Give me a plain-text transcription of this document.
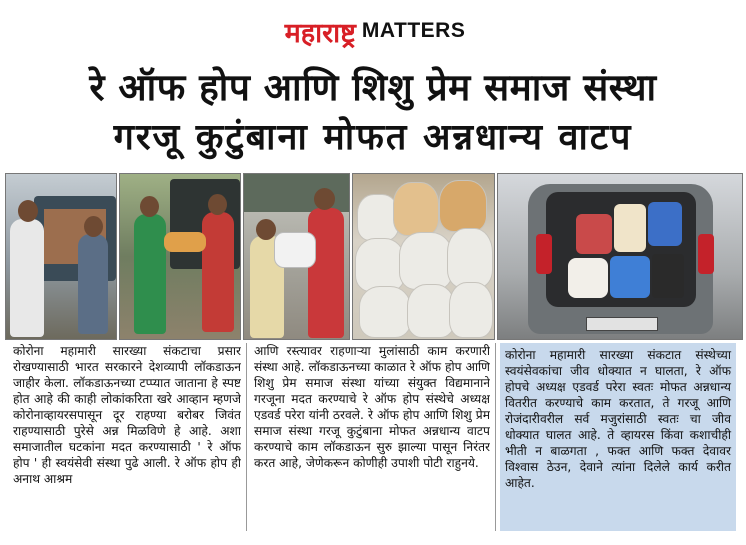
महाराष्ट्र MATTERS
रे ऑफ होप आणि शिशु प्रेम समाज संस्था
गरजू कुटुंबाना मोफत अन्नधान्य वाटप
कोरोना महामारी सारख्या संकटाचा प्रसार रोखण्यासाठी भारत सरकारने देशव्यापी लॉकडाऊन जाहीर केला. लॉकडाऊनच्या टप्प्यात जाताना हे स्पष्ट होत आहे की काही लोकांकरिता खरे आव्हान म्हणजे कोरोनाव्हायरसपासून दूर राहण्या बरोबर जिवंत राहण्यासाठी पुरेसे अन्न मिळविणे हे आहे. अशा समाजातील घटकांना मदत करण्यासाठी ' रे ऑफ होप ' ही स्वयंसेवी संस्था पुढे आली. रे ऑफ होप ही अनाथ आश्रम
आणि रस्त्यावर राहणाऱ्या मुलांसाठी काम करणारी संस्था आहे. लॉकडाऊनच्या काळात रे ऑफ होप आणि शिशु प्रेम समाज संस्था यांच्या संयुक्त विद्यमानाने गरजूना मदत करण्याचे रे ऑफ होप संस्थेचे अध्यक्ष एडवर्ड परेरा यांनी ठरवले. रे ऑफ होप आणि शिशु प्रेम समाज संस्था गरजू कुटुंबाना मोफत अन्नधान्य वाटप करण्याचे काम लॉकडाऊन सुरु झाल्या पासून निरंतर करत आहे, जेणेकरून कोणीही उपाशी पोटी राहुनये.
कोरोना महामारी सारख्या संकटात संस्थेच्या स्वयंसेवकांचा जीव धोक्यात न घालता, रे ऑफ होपचे अध्यक्ष एडवर्ड परेरा स्वतः मोफत अन्नधान्य वितरीत करण्याचे काम करतात, ते गरजू आणि रोजंदारीवरील सर्व मजुरांसाठी स्वतः चा जीव धोक्यात घालत आहे. ते व्हायरस किंवा कशाचीही भीती न बाळगता , फक्त आणि फक्त देवावर विश्वास ठेउन, देवाने त्यांना दिलेले कार्य करीत आहेत.
